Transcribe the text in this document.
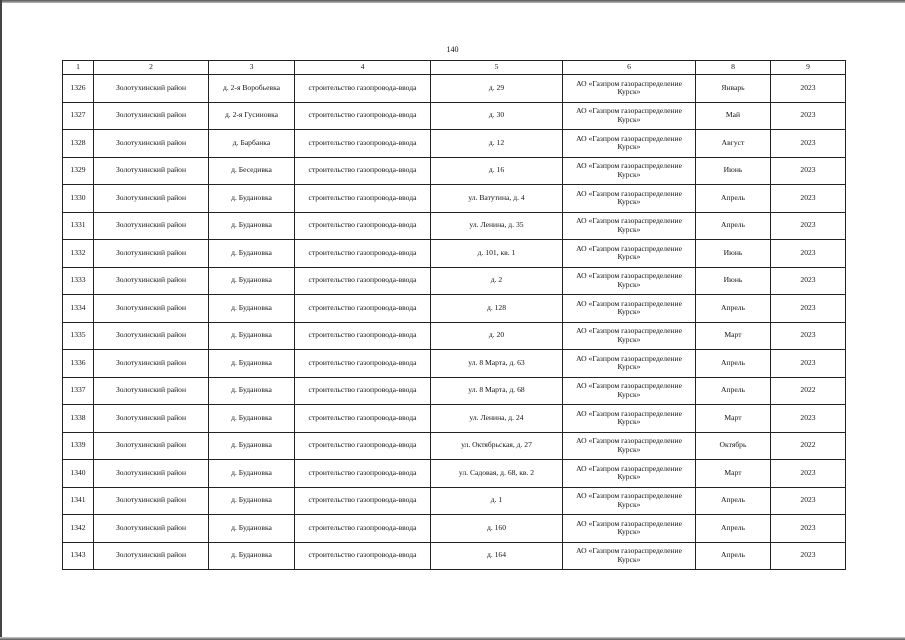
140
1	2	3	4	5	6	8	9
1326	Золотухинский район	д. 2-я Воробьевка	строительство газопровода-ввода	д. 29	АО «Газпром газораспределение
Курск»	Январь	2023
1327	Золотухинский район	д. 2-я Гусиновка	строительство газопровода-ввода	д. 30	АО «Газпром газораспределение
Курск»	Май	2023
1328	Золотухинский район	д. Барбанка	строительство газопровода-ввода	д. 12	АО «Газпром газораспределение
Курск»	Август	2023
1329	Золотухинский район	д. Беседивка	строительство газопровода-ввода	д. 16	АО «Газпром газораспределение
Курск»	Июнь	2023
1330	Золотухинский район	д. Будановка	строительство газопровода-ввода	ул. Ватутина, д. 4	АО «Газпром газораспределение
Курск»	Апрель	2023
1331	Золотухинский район	д. Будановка	строительство газопровода-ввода	ул. Ленина, д. 35	АО «Газпром газораспределение
Курск»	Апрель	2023
1332	Золотухинский район	д. Будановка	строительство газопровода-ввода	д. 101, кв. 1	АО «Газпром газораспределение
Курск»	Июнь	2023
1333	Золотухинский район	д. Будановка	строительство газопровода-ввода	д. 2	АО «Газпром газораспределение
Курск»	Июнь	2023
1334	Золотухинский район	д. Будановка	строительство газопровода-ввода	д. 128	АО «Газпром газораспределение
Курск»	Апрель	2023
1335	Золотухинский район	д. Будановка	строительство газопровода-ввода	д. 20	АО «Газпром газораспределение
Курск»	Март	2023
1336	Золотухинский район	д. Будановка	строительство газопровода-ввода	ул. 8 Марта, д. 63	АО «Газпром газораспределение
Курск»	Апрель	2023
1337	Золотухинский район	д. Будановка	строительство газопровода-ввода	ул. 8 Марта, д. 68	АО «Газпром газораспределение
Курск»	Апрель	2022
1338	Золотухинский район	д. Будановка	строительство газопровода-ввода	ул. Ленина, д. 24	АО «Газпром газораспределение
Курск»	Март	2023
1339	Золотухинский район	д. Будановка	строительство газопровода-ввода	ул. Октябрьская, д. 27	АО «Газпром газораспределение
Курск»	Октябрь	2022
1340	Золотухинский район	д. Будановка	строительство газопровода-ввода	ул. Садовая, д. 68, кв. 2	АО «Газпром газораспределение
Курск»	Март	2023
1341	Золотухинский район	д. Будановка	строительство газопровода-ввода	д. 1	АО «Газпром газораспределение
Курск»	Апрель	2023
1342	Золотухинский район	д. Будановка	строительство газопровода-ввода	д. 160	АО «Газпром газораспределение
Курск»	Апрель	2023
1343	Золотухинский район	д. Будановка	строительство газопровода-ввода	д. 164	АО «Газпром газораспределение
Курск»	Апрель	2023
